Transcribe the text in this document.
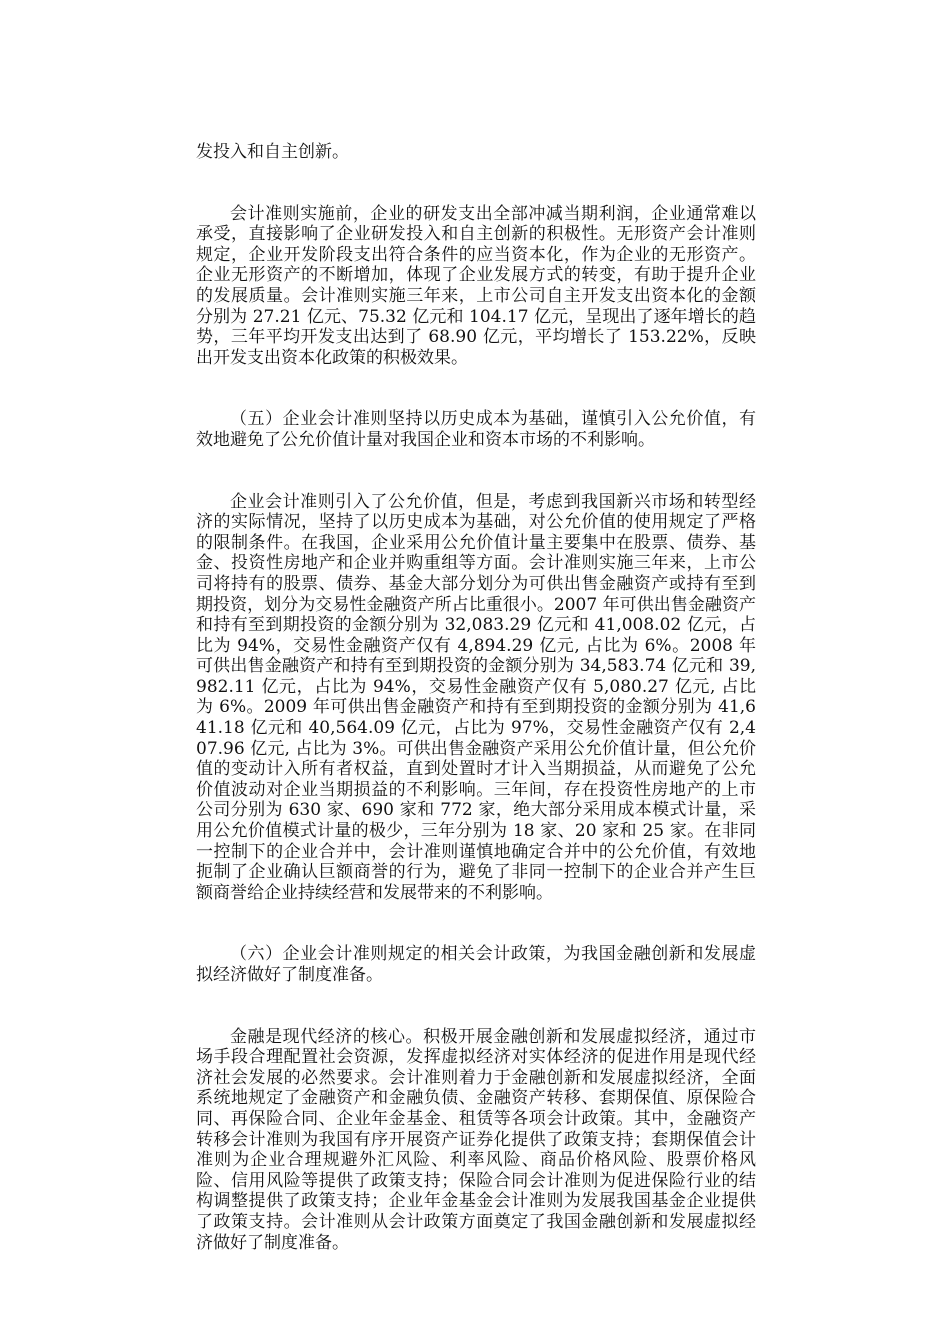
发投入和自主创新。

会计准则实施前，企业的研发支出全部冲减当期利润，企业通常难以承受，直接影响了企业研发投入和自主创新的积极性。无形资产会计准则规定，企业开发阶段支出符合条件的应当资本化，作为企业的无形资产。企业无形资产的不断增加，体现了企业发展方式的转变，有助于提升企业的发展质量。会计准则实施三年来，上市公司自主开发支出资本化的金额分别为 27.21 亿元、75.32 亿元和 104.17 亿元，呈现出了逐年增长的趋势，三年平均开发支出达到了 68.90 亿元，平均增长了 153.22%，反映出开发支出资本化政策的积极效果。

（五）企业会计准则坚持以历史成本为基础，谨慎引入公允价值，有效地避免了公允价值计量对我国企业和资本市场的不利影响。

企业会计准则引入了公允价值，但是，考虑到我国新兴市场和转型经济的实际情况，坚持了以历史成本为基础，对公允价值的使用规定了严格的限制条件。在我国，企业采用公允价值计量主要集中在股票、债券、基金、投资性房地产和企业并购重组等方面。会计准则实施三年来，上市公司将持有的股票、债券、基金大部分划分为可供出售金融资产或持有至到期投资，划分为交易性金融资产所占比重很小。2007 年可供出售金融资产和持有至到期投资的金额分别为 32,083.29 亿元和 41,008.02 亿元，占比为 94%，交易性金融资产仅有 4,894.29 亿元, 占比为 6%。2008 年可供出售金融资产和持有至到期投资的金额分别为 34,583.74 亿元和 39,982.11 亿元，占比为 94%，交易性金融资产仅有 5,080.27 亿元, 占比为 6%。2009 年可供出售金融资产和持有至到期投资的金额分别为 41,641.18 亿元和 40,564.09 亿元，占比为 97%，交易性金融资产仅有 2,407.96 亿元, 占比为 3%。可供出售金融资产采用公允价值计量，但公允价值的变动计入所有者权益，直到处置时才计入当期损益，从而避免了公允价值波动对企业当期损益的不利影响。三年间，存在投资性房地产的上市公司分别为 630 家、690 家和 772 家，绝大部分采用成本模式计量，采用公允价值模式计量的极少，三年分别为 18 家、20 家和 25 家。在非同一控制下的企业合并中，会计准则谨慎地确定合并中的公允价值，有效地扼制了企业确认巨额商誉的行为，避免了非同一控制下的企业合并产生巨额商誉给企业持续经营和发展带来的不利影响。

（六）企业会计准则规定的相关会计政策，为我国金融创新和发展虚拟经济做好了制度准备。

金融是现代经济的核心。积极开展金融创新和发展虚拟经济，通过市场手段合理配置社会资源，发挥虚拟经济对实体经济的促进作用是现代经济社会发展的必然要求。会计准则着力于金融创新和发展虚拟经济，全面系统地规定了金融资产和金融负债、金融资产转移、套期保值、原保险合同、再保险合同、企业年金基金、租赁等各项会计政策。其中，金融资产转移会计准则为我国有序开展资产证券化提供了政策支持；套期保值会计准则为企业合理规避外汇风险、利率风险、商品价格风险、股票价格风险、信用风险等提供了政策支持；保险合同会计准则为促进保险行业的结构调整提供了政策支持；企业年金基金会计准则为发展我国基金企业提供了政策支持。会计准则从会计政策方面奠定了我国金融创新和发展虚拟经济做好了制度准备。
